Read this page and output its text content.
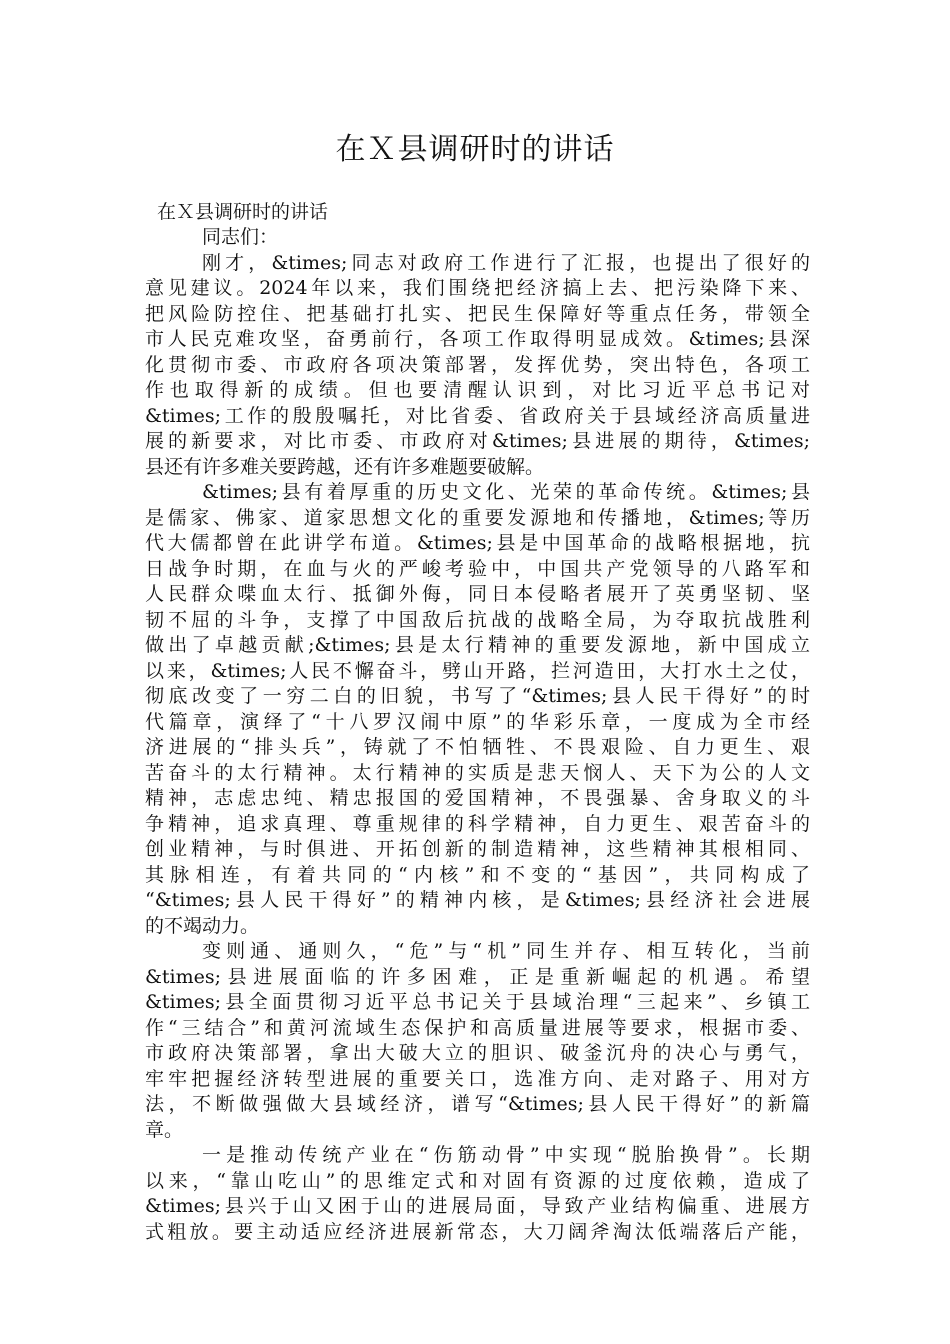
在Ｘ县调研时的讲话
在Ｘ县调研时的讲话
同志们：
刚才，&times;同志对政府工作进行了汇报，也提出了很好的
意见建议。2024年以来，我们围绕把经济搞上去、把污染降下来、
把风险防控住、把基础打扎实、把民生保障好等重点任务，带领全
市人民克难攻坚，奋勇前行，各项工作取得明显成效。&times;县深
化贯彻市委、市政府各项决策部署，发挥优势，突出特色，各项工
作也取得新的成绩。但也要清醒认识到，对比习近平总书记对
&times;工作的殷殷嘱托，对比省委、省政府关于县域经济高质量进
展的新要求，对比市委、市政府对&times;县进展的期待，&times;
县还有许多难关要跨越，还有许多难题要破解。
&times;县有着厚重的历史文化、光荣的革命传统。&times;县
是儒家、佛家、道家思想文化的重要发源地和传播地，&times;等历
代大儒都曾在此讲学布道。&times;县是中国革命的战略根据地，抗
日战争时期，在血与火的严峻考验中，中国共产党领导的八路军和
人民群众喋血太行、抵御外侮，同日本侵略者展开了英勇坚韧、坚
韧不屈的斗争，支撑了中国敌后抗战的战略全局，为夺取抗战胜利
做出了卓越贡献;&times;县是太行精神的重要发源地，新中国成立
以来，&times;人民不懈奋斗，劈山开路，拦河造田，大打水土之仗，
彻底改变了一穷二白的旧貌，书写了“&times;县人民干得好”的时
代篇章，演绎了“十八罗汉闹中原”的华彩乐章，一度成为全市经
济进展的“排头兵”，铸就了不怕牺牲、不畏艰险、自力更生、艰
苦奋斗的太行精神。太行精神的实质是悲天悯人、天下为公的人文
精神，志虑忠纯、精忠报国的爱国精神，不畏强暴、舍身取义的斗
争精神，追求真理、尊重规律的科学精神，自力更生、艰苦奋斗的
创业精神，与时俱进、开拓创新的制造精神，这些精神其根相同、
其脉相连，有着共同的“内核”和不变的“基因”，共同构成了
“&times;县人民干得好”的精神内核，是&times;县经济社会进展
的不竭动力。
变则通、通则久，“危”与“机”同生并存、相互转化，当前
&times;县进展面临的许多困难，正是重新崛起的机遇。希望
&times;县全面贯彻习近平总书记关于县域治理“三起来”、乡镇工
作“三结合”和黄河流域生态保护和高质量进展等要求，根据市委、
市政府决策部署，拿出大破大立的胆识、破釜沉舟的决心与勇气，
牢牢把握经济转型进展的重要关口，选准方向、走对路子、用对方
法，不断做强做大县域经济，谱写“&times;县人民干得好”的新篇
章。
一是推动传统产业在“伤筋动骨”中实现“脱胎换骨”。长期
以来，“靠山吃山”的思维定式和对固有资源的过度依赖，造成了
&times;县兴于山又困于山的进展局面，导致产业结构偏重、进展方
式粗放。要主动适应经济进展新常态，大刀阔斧淘汰低端落后产能，
